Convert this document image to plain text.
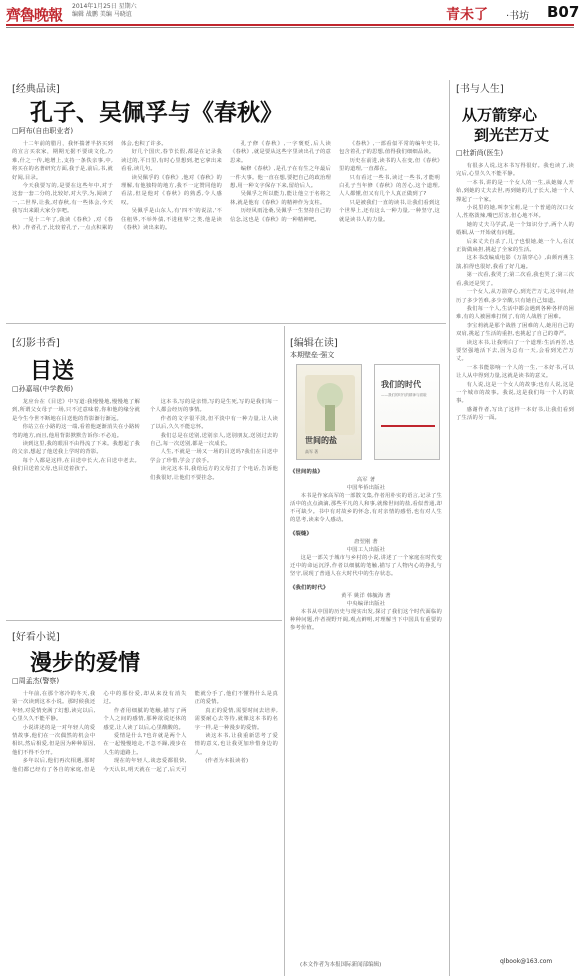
齊魯晚報 2014年1月25日 星期六
编辑 战鹏 美编 马晓谊	青未了 ·书坊 B07
[经典品读]
孔子、吴佩孚与《春秋》
□阿布(自由职业者)

十二年前的腊月，我怀揣著半挤买到的宣言买农家，期期无据不要谈文化,乃难,什之一传,地增上,支持一条佚亲事,中,将买在的名著研究方面,我于是,前后,书,就好阅,目录。

今天我要写的,是要在这些年中,对于这套一套二分的,比较好,对大学,为,阅读了一,二世界,让我,对春秋,有一些体会,今天我写出来跟大家分享吧。

一晃十二年了,我读《春秋》,对《春秋》,作者孔子,比较着孔子,一点点积累的体会,也积了许多。

好几个国庆,春节长假,都是在记录我读过的,平日里,有时心里想到,把它拿出来看看,读几句。

读吴佩孚的《春秋》,他对《春秋》的理解,有他独特的地方,我不一定赞同他的看法,但是他对《春秋》的熟悉,令人感叹。

吴佩孚是山东人,有'四不'的说法,'不住租界,不举外债,不进租界'之类,他是读《春秋》读出来的。

孔子修《春秋》,一字褒贬,后人读《春秋》,就是要从这些字里读出孔子的意思来。

编修《春秋》,是孔子在有生之年最后一件大事。他一直在想,要把自己的政治理想,用一种文字保存下来,留给后人。

吴佩孚之所以能力,能让他立于名将之林,就是他有《春秋》的精神作为支柱。

历经风雨沧桑,吴佩孚一生坚持自己的信念,这也是《春秋》的一种精神吧。

《春秋》,一部看似平常的编年史书,包含着孔子的思想,值得我们细细品读。

历史在前进,读书的人在变,但《春秋》里的道理,一直都在。

只有看过一些书,读过一些书,才能明白孔子当年修《春秋》的苦心,这个道理,人人都懂,但又有几个人真正做到了?

只是被我们一直的读书,让我们看到这个世界上,还有这么一种力量,一种坚守,这就是读书人的力量。

[书与人生]
从万箭穿心
到光芒万丈
□杜新尚(医生)

有很多人说,这本书写得很好。我也读了,读完后,心里久久不能平静。

一本书,讲的是一个女人的一生,从她嫁人开始,到她的丈夫去世,再到她的儿子长大,她一个人撑起了一个家。

小说里的她,叫李宝莉,是一个普通的汉口女人,性格泼辣,嘴巴厉害,但心地不坏。

她的丈夫马学武,是一个知识分子,两个人的婚姻,从一开始就有问题。

后来丈夫自杀了,儿子也恨她,她一个人,在汉正街做扁担,挑起了全家的生活。

这本书改编成电影《万箭穿心》,由颜丙燕主演,拍得也很好,我看了好几遍。

第一次看,我哭了;第二次看,我也哭了;第三次看,我还是哭了。

一个女人,从万箭穿心,到光芒万丈,这中间,经历了多少苦难,多少辛酸,只有她自己知道。

我们每一个人,生活中都会遇到各种各样的困难,有的人被困难打倒了,有的人战胜了困难。

李宝莉就是那个战胜了困难的人,她用自己的双肩,挑起了生活的重担,也挑起了自己的尊严。

读这本书,让我明白了一个道理:生活再苦,也要坚强地活下去,因为总有一天,会看到光芒万丈。

一本书能影响一个人的一生,一本好书,可以让人从中得到力量,这就是读书的意义。

有人说,这是一个女人的故事;也有人说,这是一个城市的故事。我说,这是我们每一个人的故事。

感谢作者,写出了这样一本好书,让我们看到了生活的另一面。

qlbook@163.com
[幻影书香]
目送
□孙嘉瑶(中学教师)

龙应台在《目送》中写道:我慢慢地,慢慢地了解到,所谓父女母子一场,只不过意味着,你和他的缘分就是今生今世不断地在目送他的背影渐行渐远。

你站立在小路的这一端,看着他逐渐消失在小路转弯的地方,而且,他用背影默默告诉你:不必追。

读到这里,我的眼泪不由得流了下来。我想起了我的父亲,想起了他送我上学时的背影。

每个人都是这样,在目送中长大,在目送中老去。我们目送着父母,也目送着孩子。

这本书,写的是亲情,写的是生死,写的是我们每一个人都会经历的事情。

作者的文字很平淡,但平淡中有一种力量,让人读了以后,久久不能忘怀。

我们总是在送别,送别亲人,送别朋友,送别过去的自己,每一次送别,都是一次成长。

人生,不就是一场又一场的目送吗?我们在目送中学会了珍惜,学会了放手。

读完这本书,我给远方的父母打了个电话,告诉他们我很好,让他们不要挂念。

[编辑在读]
本期壁垒·强文
世间的盐
高军 著
我们的时代
——我们的时代的精神与面貌
《世间的盐》
高军 著
中国华侨出版社

本书是作家高军的一部散文集,作者用朴实的语言,记录了生活中的点点滴滴,那些平凡的人和事,就像世间的盐,看似普通,却不可缺少。书中有对故乡的怀念,有对亲情的感悟,也有对人生的思考,读来令人感动。

《裂缝》
唐翌刚 著
中国工人出版社

这是一部关于城市与乡村的小说,讲述了一个家庭在时代变迁中的命运沉浮,作者以细腻的笔触,描写了人物内心的挣扎与坚守,展现了普通人在大时代中的生存状态。

《我们的时代》
黄平 姚洋 韩毓海 著
中央编译出版社

本书从中国的历史与现实出发,探讨了我们这个时代面临的种种问题,作者视野开阔,观点鲜明,对理解当下中国具有重要的参考价值。

(本文作者为本报国际新闻部编辑)
[好看小说]
漫步的爱情
□周孟杰(警察)

十年前,在那个寒冷的冬天,我第一次读到这本小说。那时候我还年轻,对爱情充满了幻想,读完以后,心里久久不能平静。

小说讲述的是一对年轻人的爱情故事,他们在一次偶然的机会中相识,然后相爱,但是因为种种原因,他们不得不分开。

多年以后,他们再次相遇,那时他们都已经有了各自的家庭,但是心中的那份爱,却从来没有消失过。

作者用细腻的笔触,描写了两个人之间的感情,那种欲说还休的感觉,让人读了以后,心里酸酸的。

爱情是什么?也许就是两个人在一起慢慢地走,不急不躁,漫步在人生的道路上。

现在的年轻人,谈恋爱都很快,今天认识,明天就在一起了,后天可能就分手了,他们不懂得什么是真正的爱情。

真正的爱情,需要时间去培养,需要耐心去等待,就像这本书的名字一样,是一种漫步的爱情。

读这本书,让我重新思考了爱情的意义,也让我更加珍惜身边的人。

(作者为本报读者)
